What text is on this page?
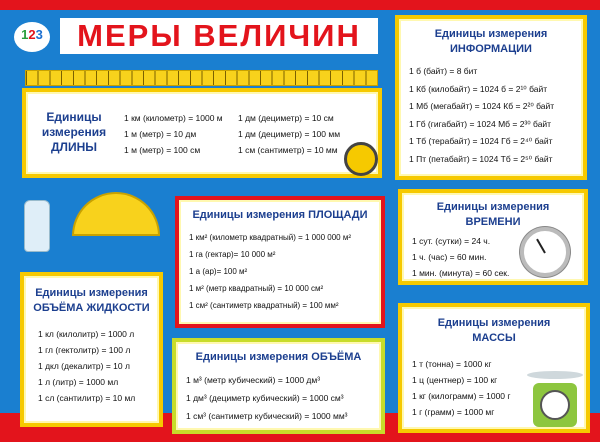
123	МЕРЫ ВЕЛИЧИН
Единицы
измерения
ДЛИНЫ
1 км (километр) = 1000 м
1 м (метр) = 10 дм
1 м (метр) = 100 см
1 дм (дециметр) = 10 см
1 дм (дециметр) = 100 мм
1 см (сантиметр) = 10 мм
Единицы измерения
ИНФОРМАЦИИ
1 б (байт) = 8 бит
1 Кб (килобайт) = 1024 б = 2¹⁰ байт
1 Мб (мегабайт) = 1024 Кб = 2²⁰ байт
1 Гб (гигабайт) = 1024 Мб = 2³⁰ байт
1 Тб (терабайт) = 1024 Гб = 2⁴⁰ байт
1 Пт (петабайт) = 1024 Тб = 2⁵⁰ байт
Единицы измерения ПЛОЩАДИ
1 км² (километр квадратный) = 1 000 000 м²
1 га (гектар)= 10 000 м²
1 а (ар)= 100 м²
1 м² (метр квадратный) = 10 000 см²
1 см² (сантиметр квадратный) = 100 мм²
Единицы измерения
ОБЪЁМА ЖИДКОСТИ
1 кл (килолитр) = 1000 л
1 гл (гектолитр) = 100 л
1 дкл (декалитр) = 10 л
1 л (литр) = 1000 мл
1 сл (сантилитр) = 10 мл
Единицы измерения ОБЪЁМА
1 м³ (метр кубический) = 1000 дм³
1 дм³ (дециметр кубический) = 1000 см³
1 см³ (сантиметр кубический) = 1000 мм³
Единицы измерения
ВРЕМЕНИ
1 сут. (сутки) = 24 ч.
1 ч. (час) = 60 мин.
1 мин. (минута) = 60 сек.
Единицы измерения
МАССЫ
1 т (тонна) = 1000 кг
1 ц (центнер) = 100 кг
1 кг (килограмм) = 1000 г
1 г (грамм) = 1000 мг
